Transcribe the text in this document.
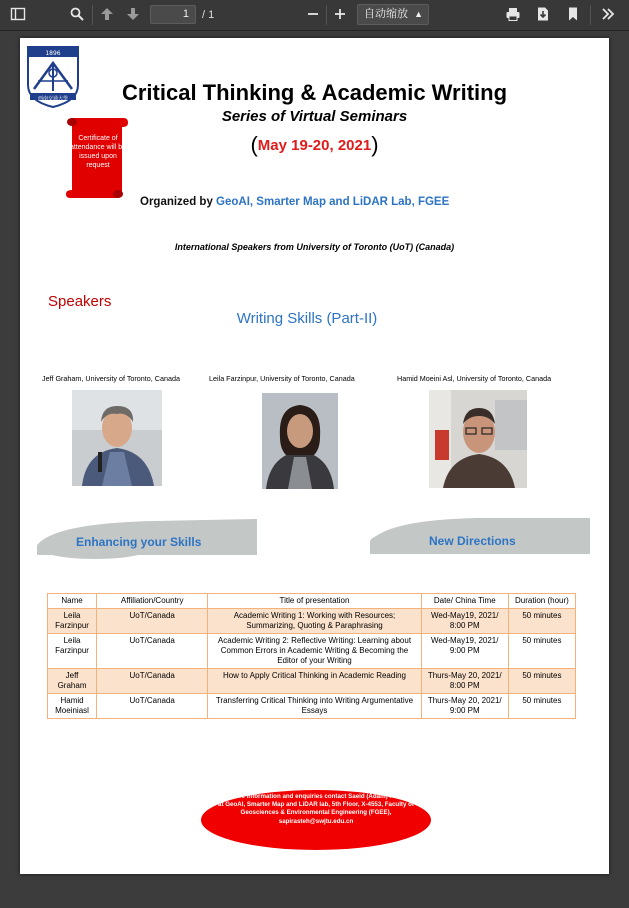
1	/ 1	自动缩放 ▲︎

1896
西南交通大學	Critical Thinking & Academic Writing
Series of Virtual Seminars
(May 19-20, 2021)
Certificate of attendance will be issued upon request
Organized by GeoAI, Smarter Map and LiDAR Lab, FGEE
International Speakers from University of Toronto (UoT) (Canada)
Speakers
Writing Skills (Part-II)
Jeff Graham, University of Toronto, Canada	Leila Farzinpur, University of Toronto, Canada	Hamid Moeini Asl, University of Toronto, Canada
Enhancing your Skills	New Directions
Name	Affiliation/Country	Title of presentation	Date/ China Time	Duration (hour)
Leila Farzinpur	UoT/Canada	Academic Writing 1: Working with Resources; Summarizing, Quoting & Paraphrasing	Wed-May19, 2021/ 8:00 PM	50 minutes
Leila Farzinpur	UoT/Canada	Academic Writing 2: Reflective Writing: Learning about Common Errors in Academic Writing & Becoming the Editor of your Writing	Wed-May19, 2021/ 9:00 PM	50 minutes
Jeff Graham	UoT/Canada	How to Apply Critical Thinking in Academic Reading	Thurs-May 20, 2021/ 8:00 PM	50 minutes
Hamid Moeiniasl	UoT/Canada	Transferring Critical Thinking into Writing Argumentative Essays	Thurs-May 20, 2021/ 9:00 PM	50 minutes
For more information and enquiries contact Saeid (Adam) Pirasteh at GeoAI, Smarter Map and LiDAR lab, 5th Floor, X-4553, Faculty of Geosciences & Environmental Engineering (FGEE), sapirasteh@swjtu.edu.cn
